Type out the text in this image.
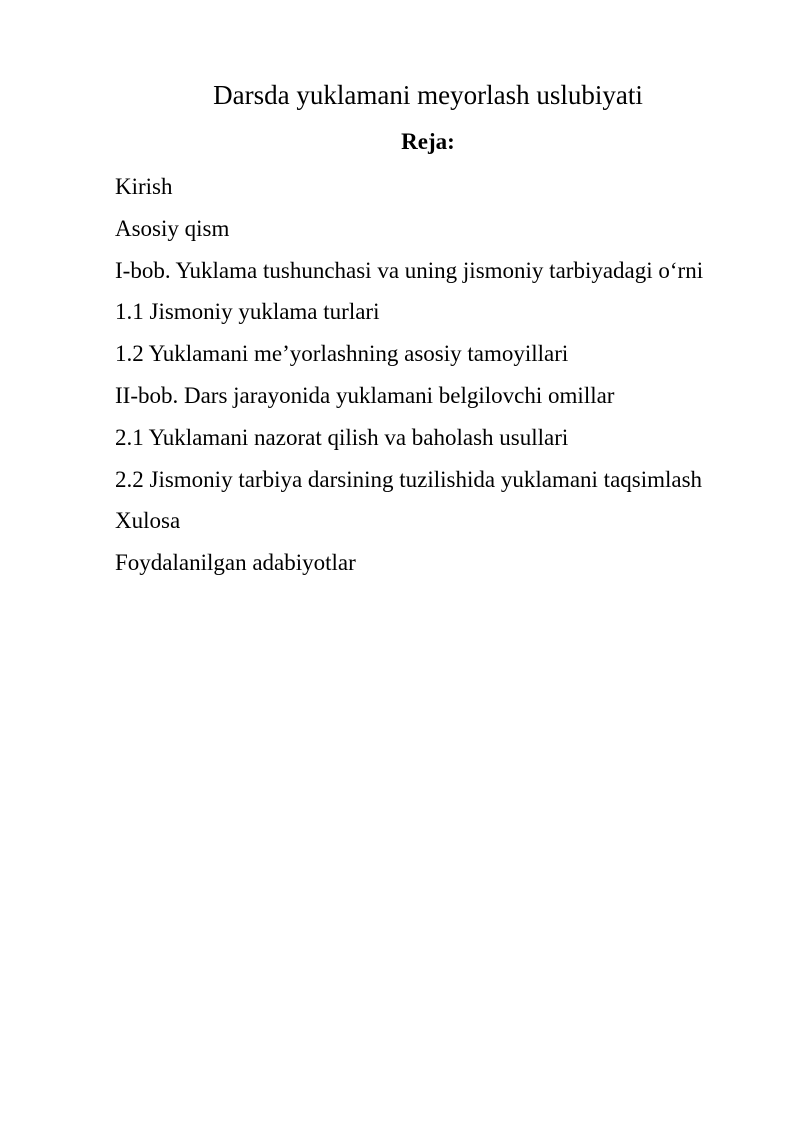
Darsda yuklamani meyorlash uslubiyati
Reja:
Kirish
Asosiy qism
I-bob. Yuklama tushunchasi va uning jismoniy tarbiyadagi o‘rni
1.1 Jismoniy yuklama turlari
1.2 Yuklamani me’yorlashning asosiy tamoyillari
II-bob. Dars jarayonida yuklamani belgilovchi omillar
2.1 Yuklamani nazorat qilish va baholash usullari
2.2 Jismoniy tarbiya darsining tuzilishida yuklamani taqsimlash
Xulosa
Foydalanilgan adabiyotlar
